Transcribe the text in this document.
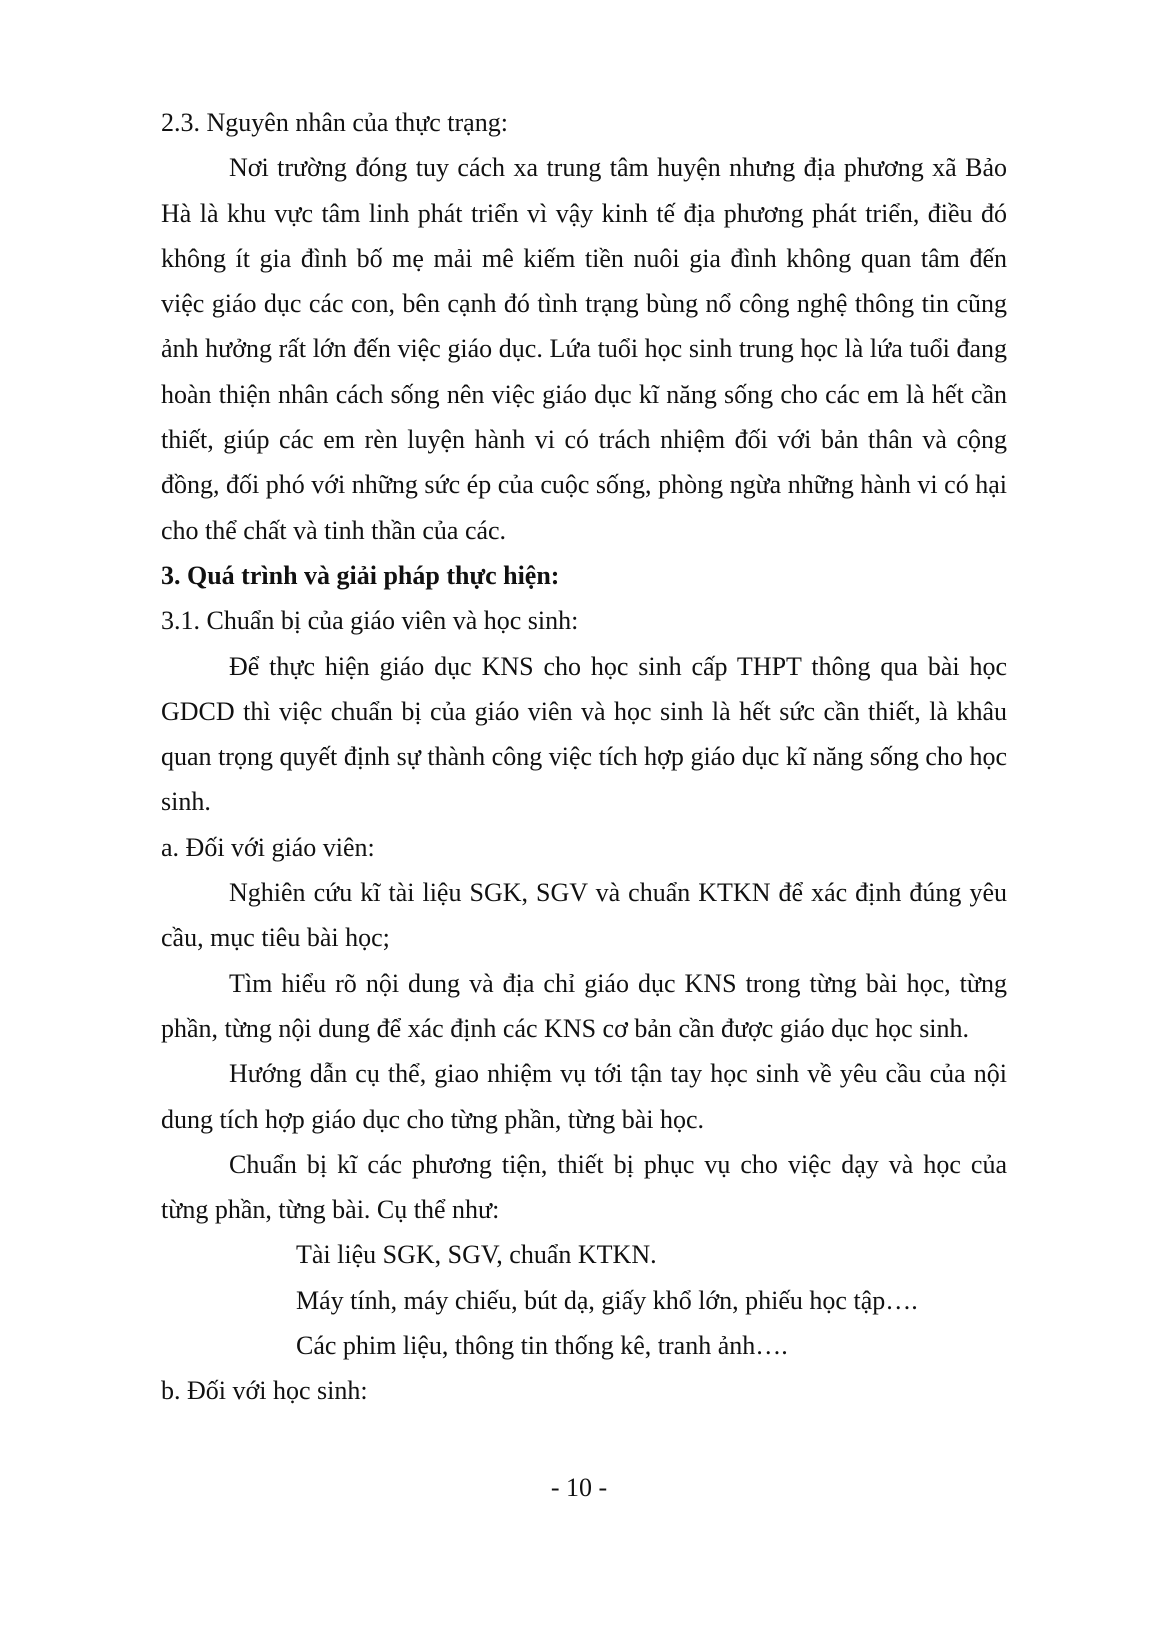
2.3. Nguyên nhân của thực trạng:

Nơi trường đóng tuy cách xa trung tâm huyện nhưng địa phương xã Bảo Hà là khu vực tâm linh phát triển vì vậy kinh tế địa phương phát triển, điều đó không ít gia đình bố mẹ mải mê kiếm tiền nuôi gia đình không quan tâm đến việc giáo dục các con, bên cạnh đó tình trạng bùng nổ công nghệ thông tin cũng ảnh hưởng rất lớn đến việc giáo dục. Lứa tuổi học sinh trung học là lứa tuổi đang hoàn thiện nhân cách sống nên việc giáo dục kĩ năng sống cho các em là hết cần thiết, giúp các em rèn luyện hành vi có trách nhiệm đối với bản thân và cộng đồng, đối phó với những sức ép của cuộc sống, phòng ngừa những hành vi có hại cho thể chất và tinh thần của các.

3. Quá trình và giải pháp thực hiện:

3.1. Chuẩn bị của giáo viên và học sinh:

Để thực hiện giáo dục KNS cho học sinh cấp THPT thông qua bài học GDCD thì việc chuẩn bị của giáo viên và học sinh là hết sức cần thiết, là khâu quan trọng quyết định sự thành công việc tích hợp giáo dục kĩ năng sống cho học sinh.

a. Đối với giáo viên:

Nghiên cứu kĩ tài liệu SGK, SGV và chuẩn KTKN để xác định đúng yêu cầu, mục tiêu bài học;

Tìm hiểu rõ nội dung và địa chỉ giáo dục KNS trong từng bài học, từng phần, từng nội dung để xác định các KNS cơ bản cần được giáo dục học sinh.

Hướng dẫn cụ thể, giao nhiệm vụ tới tận tay học sinh về yêu cầu của nội dung tích hợp giáo dục cho từng phần, từng bài học.

Chuẩn bị kĩ các phương tiện, thiết bị phục vụ cho việc dạy và học của từng phần, từng bài. Cụ thể như:

Tài liệu SGK, SGV, chuẩn KTKN.

Máy tính, máy chiếu, bút dạ, giấy khổ lớn, phiếu học tập….

Các phim liệu, thông tin thống kê, tranh ảnh….

b. Đối với học sinh:

- 10 -
